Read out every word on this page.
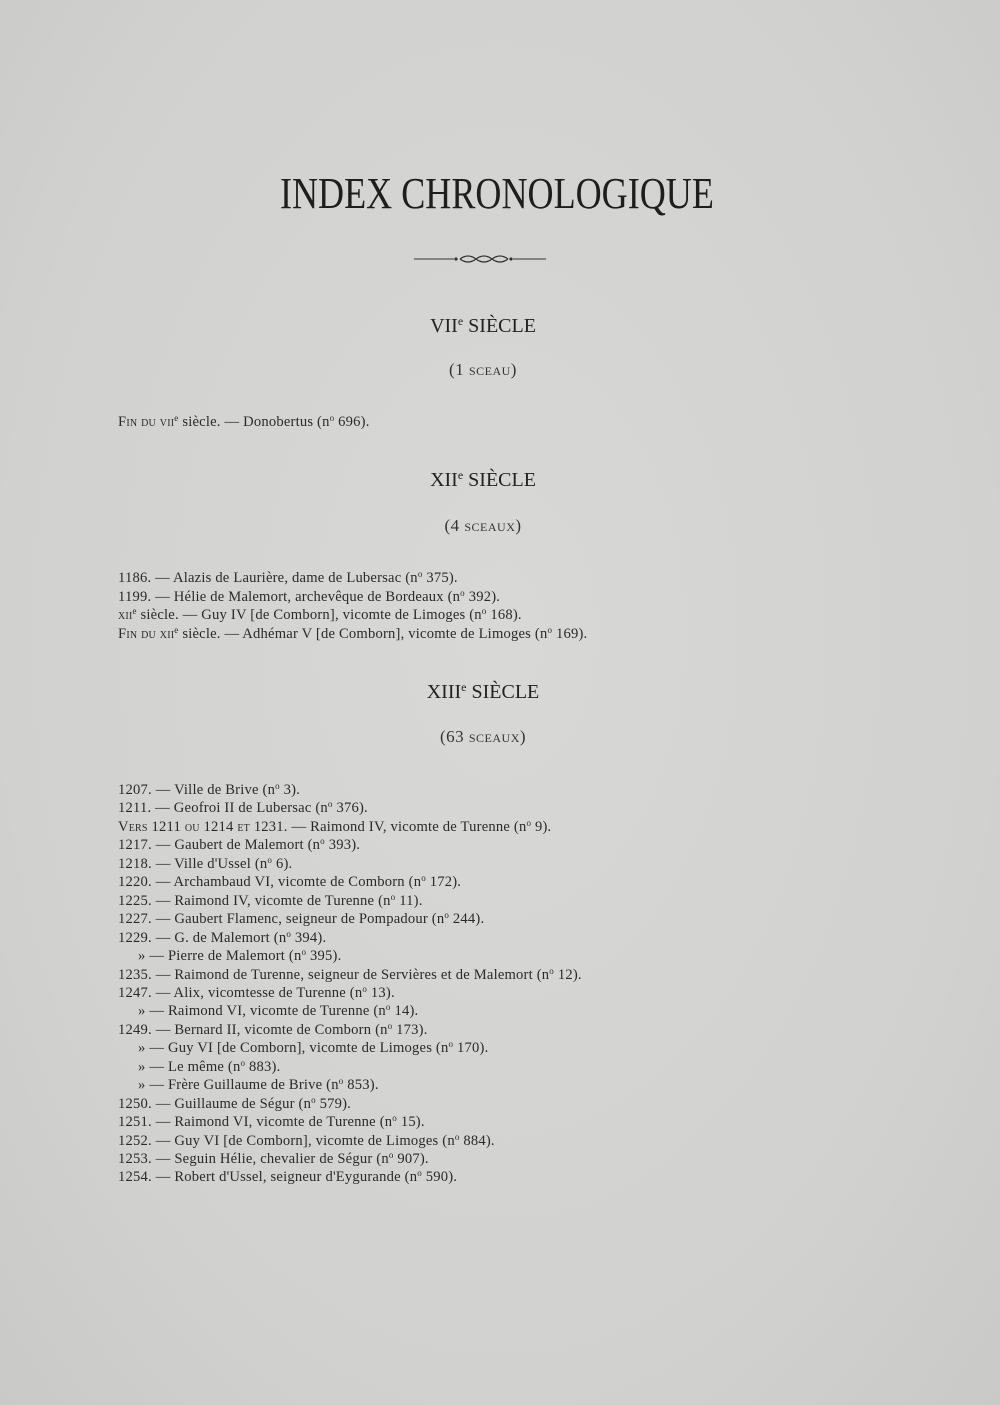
INDEX CHRONOLOGIQUE
VIIe SIÈCLE
(1 sceau)
Fin du vii$^e$ siècle. — Donobertus ($n^o$ 696).
XIIe SIÈCLE
(4 sceaux)
1186. — Alazis de Laurière, dame de Lubersac ($n^o$ 375).
1199. — Hélie de Malemort, archevêque de Bordeaux ($n^o$ 392).
xii$^e$ siècle. — Guy IV [de Comborn], vicomte de Limoges ($n^o$ 168).
Fin du xii$^e$ siècle. — Adhémar V [de Comborn], vicomte de Limoges ($n^o$ 169).
XIIIe SIÈCLE
(63 sceaux)
1207. — Ville de Brive ($n^o$ 3).
1211. — Geofroi II de Lubersac ($n^o$ 376).
Vers 1211 ou 1214 et 1231. — Raimond IV, vicomte de Turenne ($n^o$ 9).
1217. — Gaubert de Malemort ($n^o$ 393).
1218. — Ville d'Ussel ($n^o$ 6).
1220. — Archambaud VI, vicomte de Comborn ($n^o$ 172).
1225. — Raimond IV, vicomte de Turenne ($n^o$ 11).
1227. — Gaubert Flamenc, seigneur de Pompadour ($n^o$ 244).
1229. — G. de Malemort ($n^o$ 394).
» — Pierre de Malemort ($n^o$ 395).
1235. — Raimond de Turenne, seigneur de Servières et de Malemort ($n^o$ 12).
1247. — Alix, vicomtesse de Turenne ($n^o$ 13).
» — Raimond VI, vicomte de Turenne ($n^o$ 14).
1249. — Bernard II, vicomte de Comborn ($n^o$ 173).
» — Guy VI [de Comborn], vicomte de Limoges ($n^o$ 170).
» — Le même ($n^o$ 883).
» — Frère Guillaume de Brive ($n^o$ 853).
1250. — Guillaume de Ségur ($n^o$ 579).
1251. — Raimond VI, vicomte de Turenne ($n^o$ 15).
1252. — Guy VI [de Comborn], vicomte de Limoges ($n^o$ 884).
1253. — Seguin Hélie, chevalier de Ségur ($n^o$ 907).
1254. — Robert d'Ussel, seigneur d'Eygurande ($n^o$ 590).
